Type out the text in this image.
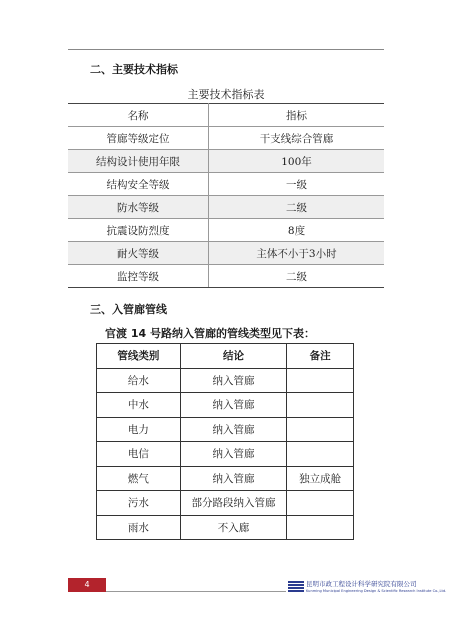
二、主要技术指标
主要技术指标表
名称	指标
管廊等级定位	干支线综合管廊
结构设计使用年限	100年
结构安全等级	一级
防水等级	二级
抗震设防烈度	8度
耐火等级	主体不小于3小时
监控等级	二级
三、入管廊管线
官渡 14 号路纳入管廊的管线类型见下表：
管线类别	结论	备注
给水	纳入管廊	
中水	纳入管廊	
电力	纳入管廊	
电信	纳入管廊	
燃气	纳入管廊	独立成舱
污水	部分路段纳入管廊	
雨水	不入廊	
4	昆明市政工程设计科学研究院有限公司
Kunming Municipal Engineering Design & Scientific Research Institute Co.,Ltd.
